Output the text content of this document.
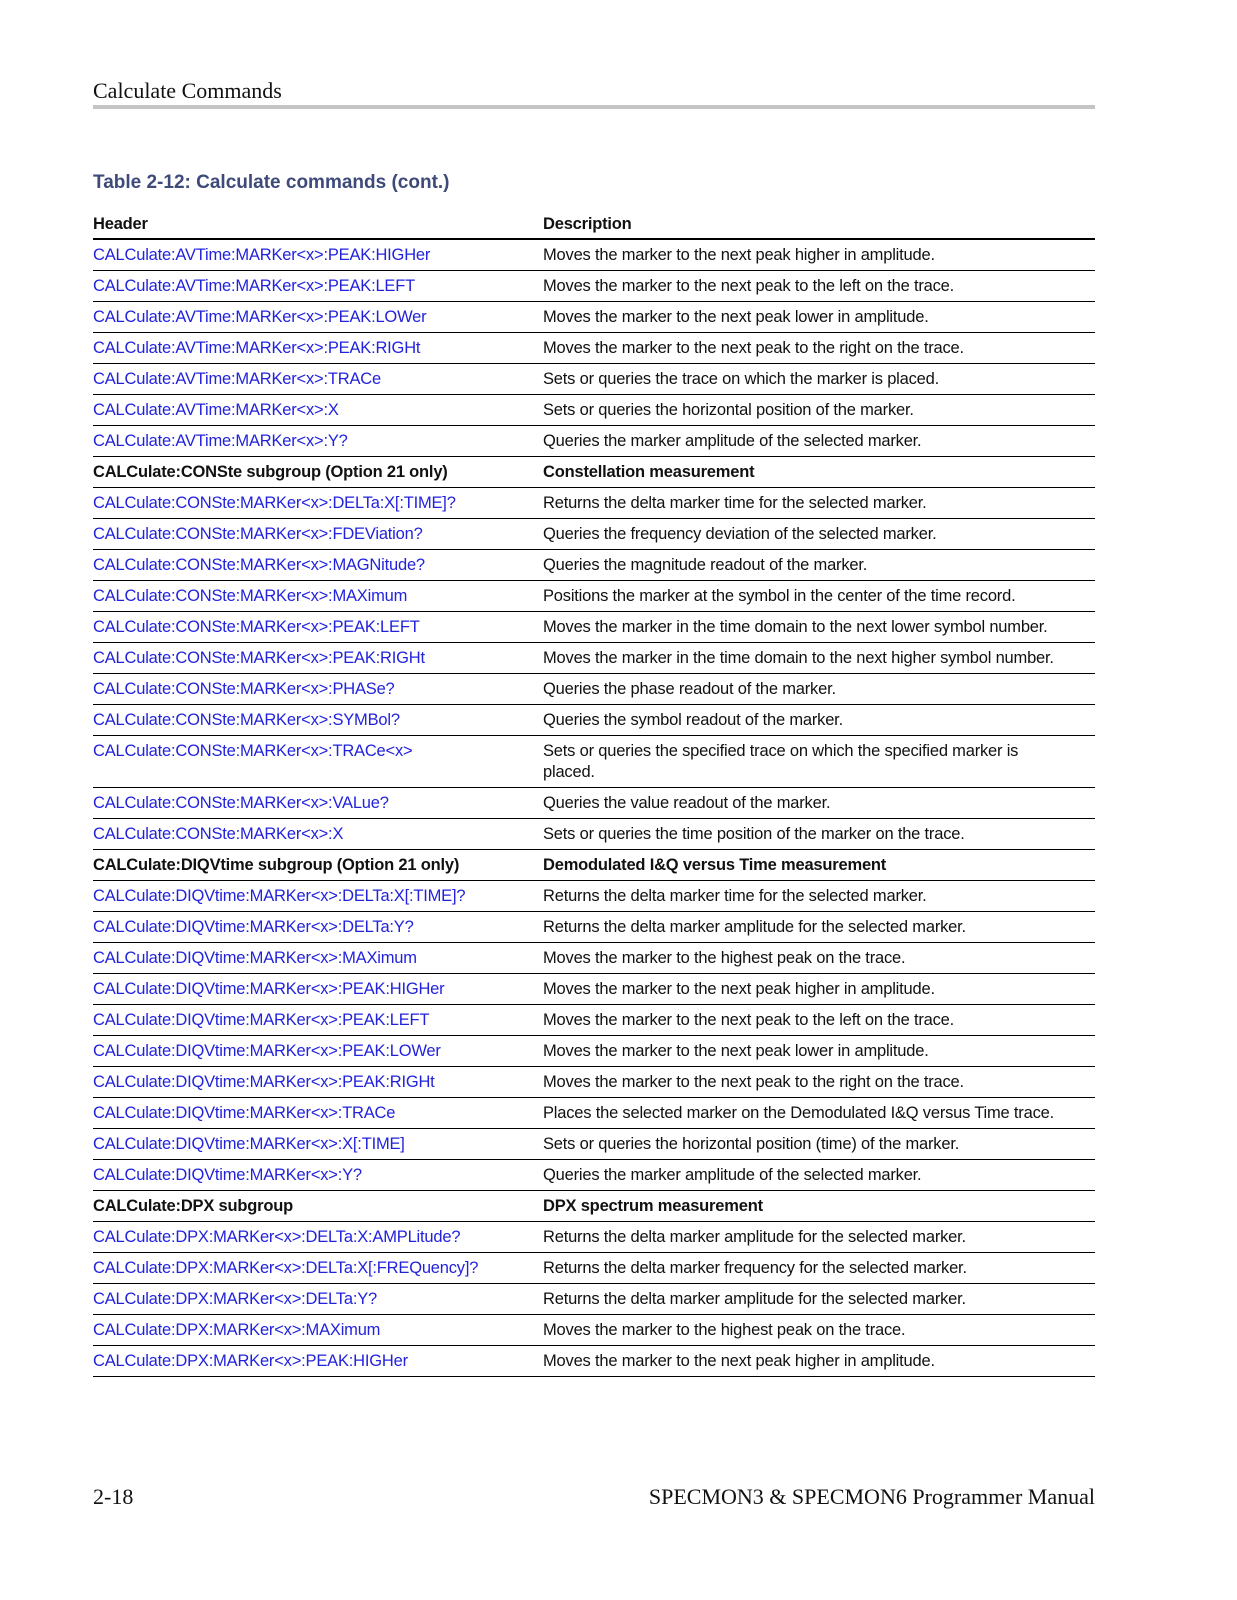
Calculate Commands
Table 2-12: Calculate commands (cont.)
Header	Description
CALCulate:AVTime:MARKer<x>:PEAK:HIGHer	Moves the marker to the next peak higher in amplitude.
CALCulate:AVTime:MARKer<x>:PEAK:LEFT	Moves the marker to the next peak to the left on the trace.
CALCulate:AVTime:MARKer<x>:PEAK:LOWer	Moves the marker to the next peak lower in amplitude.
CALCulate:AVTime:MARKer<x>:PEAK:RIGHt	Moves the marker to the next peak to the right on the trace.
CALCulate:AVTime:MARKer<x>:TRACe	Sets or queries the trace on which the marker is placed.
CALCulate:AVTime:MARKer<x>:X	Sets or queries the horizontal position of the marker.
CALCulate:AVTime:MARKer<x>:Y?	Queries the marker amplitude of the selected marker.
CALCulate:CONSte subgroup (Option 21 only)	Constellation measurement
CALCulate:CONSte:MARKer<x>:DELTa:X[:TIME]?	Returns the delta marker time for the selected marker.
CALCulate:CONSte:MARKer<x>:FDEViation?	Queries the frequency deviation of the selected marker.
CALCulate:CONSte:MARKer<x>:MAGNitude?	Queries the magnitude readout of the marker.
CALCulate:CONSte:MARKer<x>:MAXimum	Positions the marker at the symbol in the center of the time record.
CALCulate:CONSte:MARKer<x>:PEAK:LEFT	Moves the marker in the time domain to the next lower symbol number.
CALCulate:CONSte:MARKer<x>:PEAK:RIGHt	Moves the marker in the time domain to the next higher symbol number.
CALCulate:CONSte:MARKer<x>:PHASe?	Queries the phase readout of the marker.
CALCulate:CONSte:MARKer<x>:SYMBol?	Queries the symbol readout of the marker.
CALCulate:CONSte:MARKer<x>:TRACe<x>	Sets or queries the specified trace on which the specified marker is placed.
CALCulate:CONSte:MARKer<x>:VALue?	Queries the value readout of the marker.
CALCulate:CONSte:MARKer<x>:X	Sets or queries the time position of the marker on the trace.
CALCulate:DIQVtime subgroup (Option 21 only)	Demodulated I&Q versus Time measurement
CALCulate:DIQVtime:MARKer<x>:DELTa:X[:TIME]?	Returns the delta marker time for the selected marker.
CALCulate:DIQVtime:MARKer<x>:DELTa:Y?	Returns the delta marker amplitude for the selected marker.
CALCulate:DIQVtime:MARKer<x>:MAXimum	Moves the marker to the highest peak on the trace.
CALCulate:DIQVtime:MARKer<x>:PEAK:HIGHer	Moves the marker to the next peak higher in amplitude.
CALCulate:DIQVtime:MARKer<x>:PEAK:LEFT	Moves the marker to the next peak to the left on the trace.
CALCulate:DIQVtime:MARKer<x>:PEAK:LOWer	Moves the marker to the next peak lower in amplitude.
CALCulate:DIQVtime:MARKer<x>:PEAK:RIGHt	Moves the marker to the next peak to the right on the trace.
CALCulate:DIQVtime:MARKer<x>:TRACe	Places the selected marker on the Demodulated I&Q versus Time trace.
CALCulate:DIQVtime:MARKer<x>:X[:TIME]	Sets or queries the horizontal position (time) of the marker.
CALCulate:DIQVtime:MARKer<x>:Y?	Queries the marker amplitude of the selected marker.
CALCulate:DPX subgroup	DPX spectrum measurement
CALCulate:DPX:MARKer<x>:DELTa:X:AMPLitude?	Returns the delta marker amplitude for the selected marker.
CALCulate:DPX:MARKer<x>:DELTa:X[:FREQuency]?	Returns the delta marker frequency for the selected marker.
CALCulate:DPX:MARKer<x>:DELTa:Y?	Returns the delta marker amplitude for the selected marker.
CALCulate:DPX:MARKer<x>:MAXimum	Moves the marker to the highest peak on the trace.
CALCulate:DPX:MARKer<x>:PEAK:HIGHer	Moves the marker to the next peak higher in amplitude.
2-18	SPECMON3 & SPECMON6 Programmer Manual
